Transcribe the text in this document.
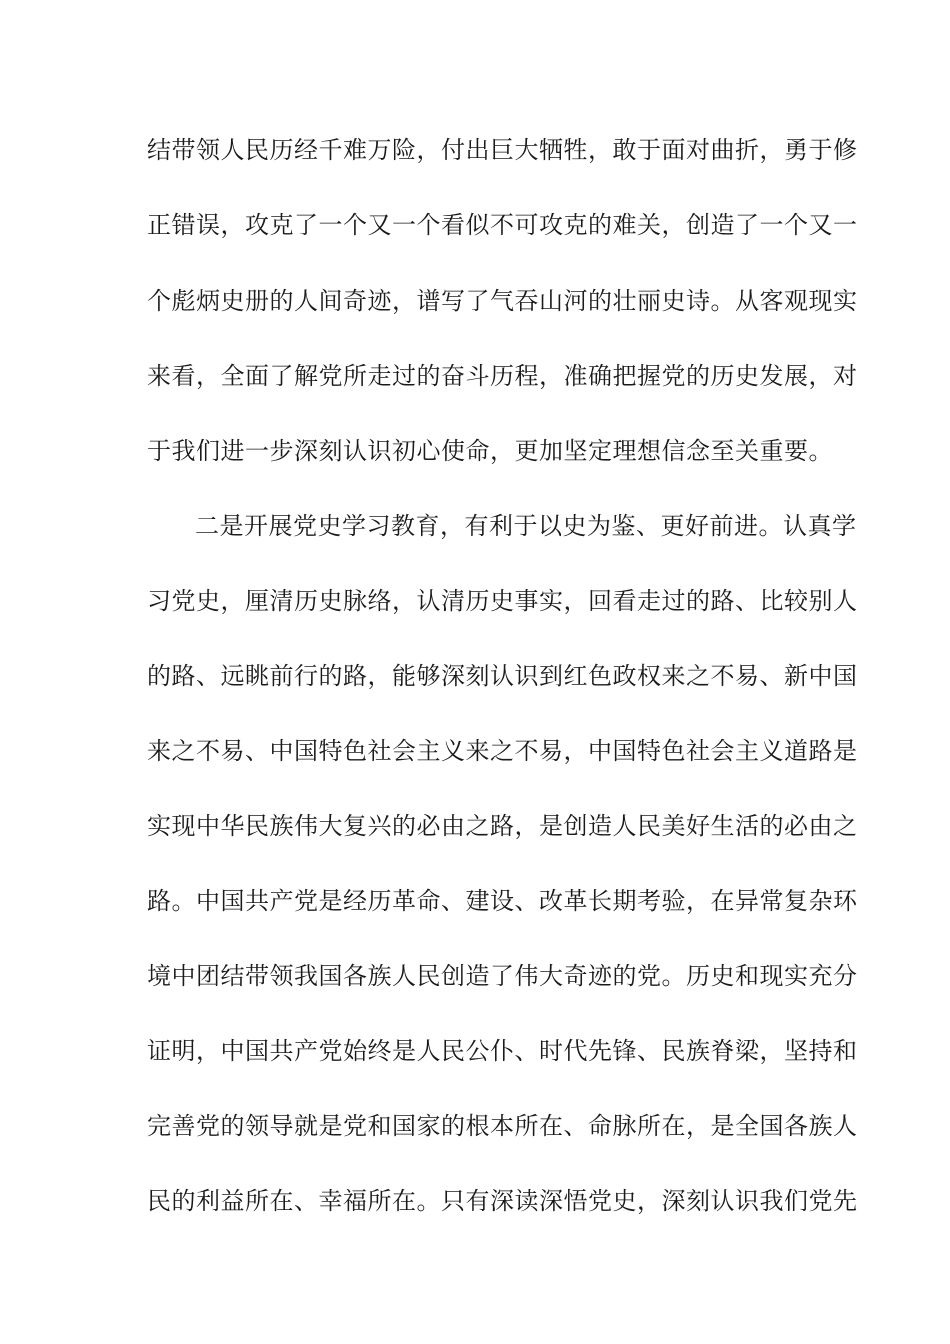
结带领人民历经千难万险，付出巨大牺牲，敢于面对曲折，勇于修
正错误，攻克了一个又一个看似不可攻克的难关，创造了一个又一
个彪炳史册的人间奇迹，谱写了气吞山河的壮丽史诗。从客观现实
来看，全面了解党所走过的奋斗历程，准确把握党的历史发展，对
于我们进一步深刻认识初心使命，更加坚定理想信念至关重要。
二是开展党史学习教育，有利于以史为鉴、更好前进。认真学
习党史，厘清历史脉络，认清历史事实，回看走过的路、比较别人
的路、远眺前行的路，能够深刻认识到红色政权来之不易、新中国
来之不易、中国特色社会主义来之不易，中国特色社会主义道路是
实现中华民族伟大复兴的必由之路，是创造人民美好生活的必由之
路。中国共产党是经历革命、建设、改革长期考验，在异常复杂环
境中团结带领我国各族人民创造了伟大奇迹的党。历史和现实充分
证明，中国共产党始终是人民公仆、时代先锋、民族脊梁，坚持和
完善党的领导就是党和国家的根本所在、命脉所在，是全国各族人
民的利益所在、幸福所在。只有深读深悟党史，深刻认识我们党先
